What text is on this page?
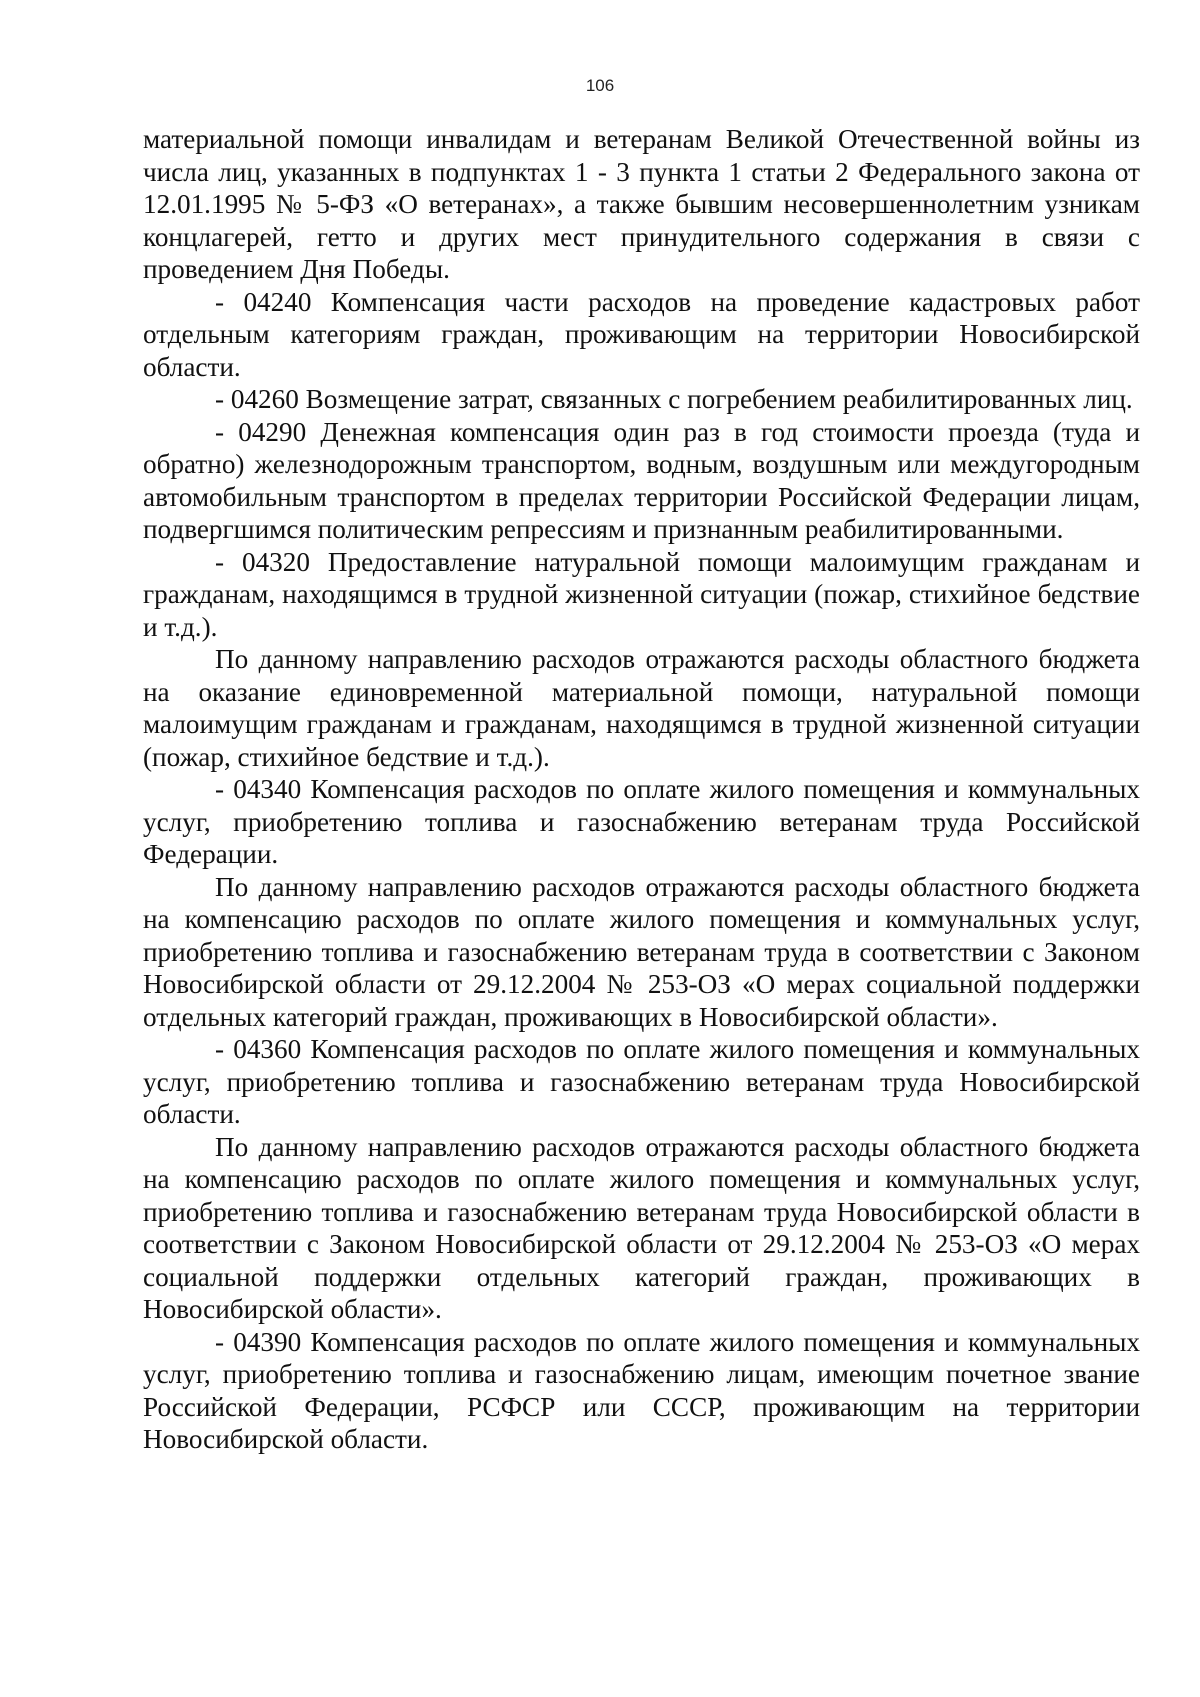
106

материальной помощи инвалидам и ветеранам Великой Отечественной войны из числа лиц, указанных в подпунктах 1 - 3 пункта 1 статьи 2 Федерального закона от 12.01.1995 № 5-ФЗ «О ветеранах», а также бывшим несовершеннолетним узникам концлагерей, гетто и других мест принудительного содержания в связи с проведением Дня Победы.

- 04240 Компенсация части расходов на проведение кадастровых работ отдельным категориям граждан, проживающим на территории Новосибирской области.

- 04260 Возмещение затрат, связанных с погребением реабилитированных лиц.

- 04290 Денежная компенсация один раз в год стоимости проезда (туда и обратно) железнодорожным транспортом, водным, воздушным или междугородным автомобильным транспортом в пределах территории Российской Федерации лицам, подвергшимся политическим репрессиям и признанным реабилитированными.

- 04320 Предоставление натуральной помощи малоимущим гражданам и гражданам, находящимся в трудной жизненной ситуации (пожар, стихийное бедствие и т.д.).

По данному направлению расходов отражаются расходы областного бюджета на оказание единовременной материальной помощи, натуральной помощи малоимущим гражданам и гражданам, находящимся в трудной жизненной ситуации (пожар, стихийное бедствие и т.д.).

- 04340 Компенсация расходов по оплате жилого помещения и коммунальных услуг, приобретению топлива и газоснабжению ветеранам труда Российской Федерации.

По данному направлению расходов отражаются расходы областного бюджета на компенсацию расходов по оплате жилого помещения и коммунальных услуг, приобретению топлива и газоснабжению ветеранам труда в соответствии с Законом Новосибирской области от 29.12.2004 № 253-ОЗ «О мерах социальной поддержки отдельных категорий граждан, проживающих в Новосибирской области».

- 04360 Компенсация расходов по оплате жилого помещения и коммунальных услуг, приобретению топлива и газоснабжению ветеранам труда Новосибирской области.

По данному направлению расходов отражаются расходы областного бюджета на компенсацию расходов по оплате жилого помещения и коммунальных услуг, приобретению топлива и газоснабжению ветеранам труда Новосибирской области в соответствии с Законом Новосибирской области от 29.12.2004 № 253-ОЗ «О мерах социальной поддержки отдельных категорий граждан, проживающих в Новосибирской области».

- 04390 Компенсация расходов по оплате жилого помещения и коммунальных услуг, приобретению топлива и газоснабжению лицам, имеющим почетное звание Российской Федерации, РСФСР или СССР, проживающим на территории Новосибирской области.
